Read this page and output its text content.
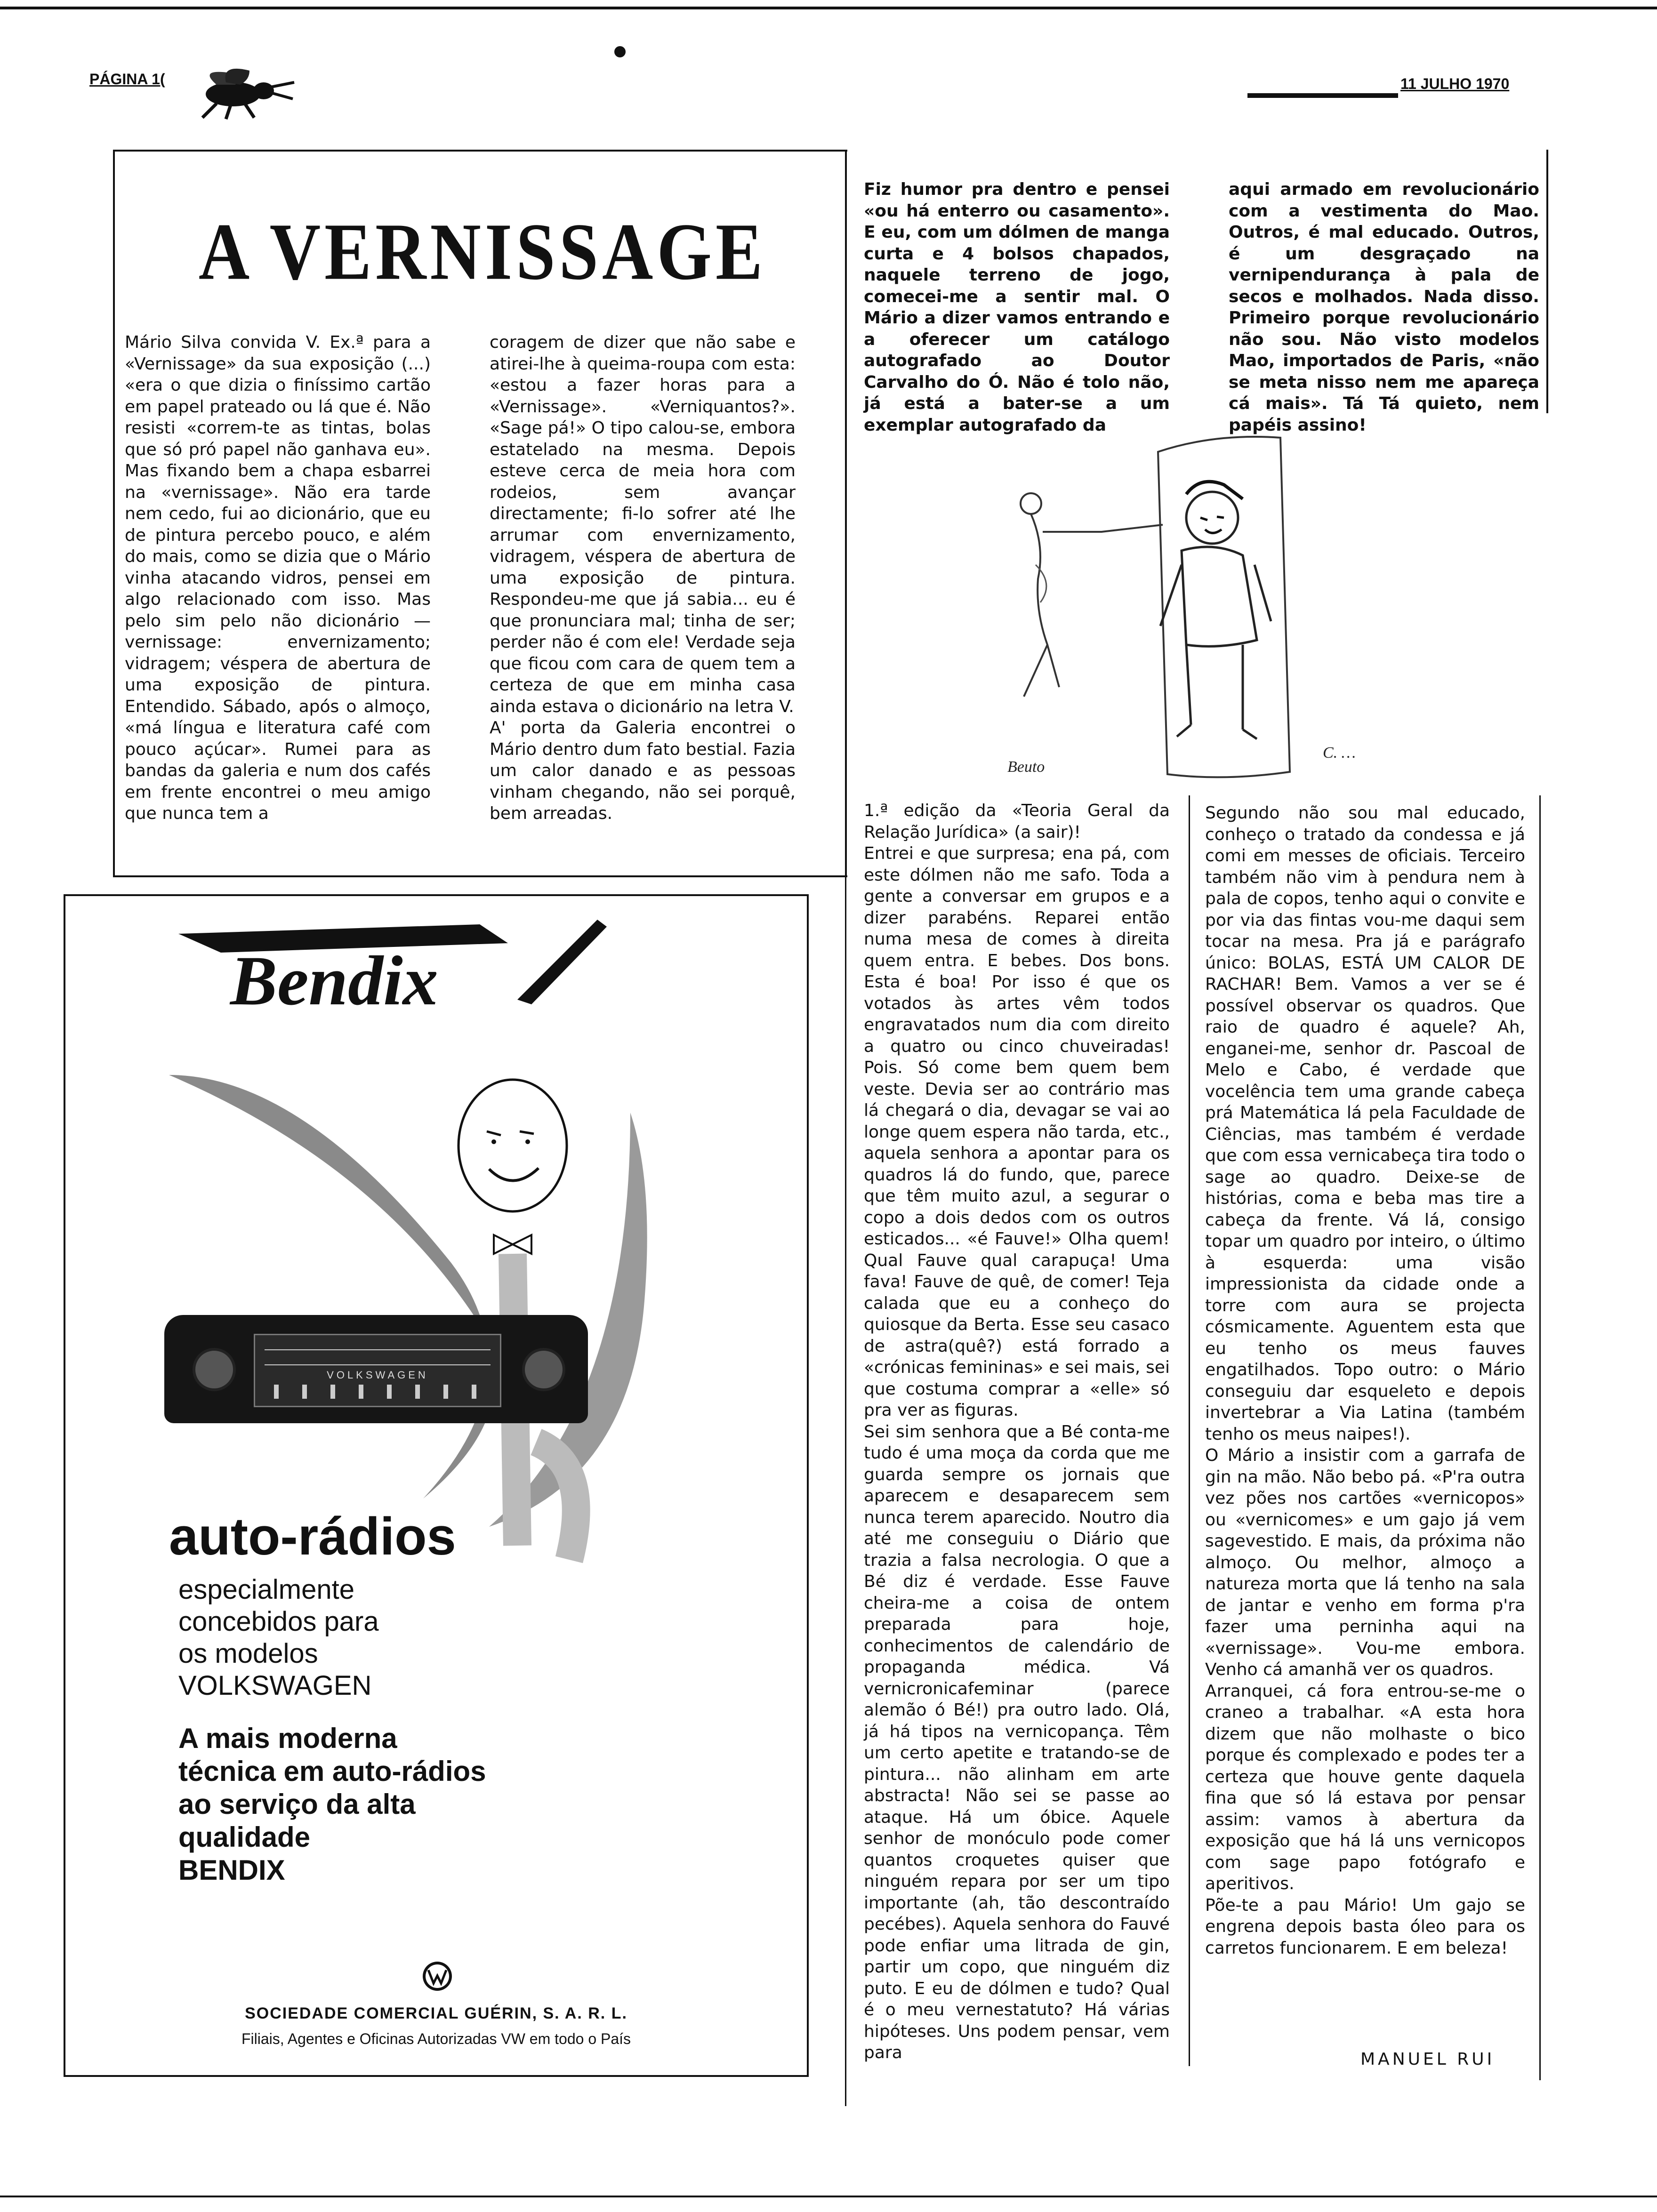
PÁGINA 1(	11 JULHO 1970
A VERNISSAGE
Mário Silva convida V. Ex.ª para a «Vernissage» da sua exposição (...) «era o que dizia o finíssimo cartão em papel prateado ou lá que é. Não resisti «correm-te as tintas, bolas que só pró papel não ganhava eu». Mas fixando bem a chapa esbarrei na «vernissage». Não era tarde nem cedo, fui ao dicionário, que eu de pintura percebo pouco, e além do mais, como se dizia que o Mário vinha atacando vidros, pensei em algo relacionado com isso. Mas pelo sim pelo não dicionário — vernissage: envernizamento; vidragem; véspera de abertura de uma exposição de pintura. Entendido. Sábado, após o almoço, «má língua e literatura café com pouco açúcar». Rumei para as bandas da galeria e num dos cafés em frente encontrei o meu amigo que nunca tem a
coragem de dizer que não sabe e atirei-lhe à queima-roupa com esta: «estou a fazer horas para a «Vernissage». «Verniquantos?». «Sage pá!» O tipo calou-se, embora estatelado na mesma. Depois esteve cerca de meia hora com rodeios, sem avançar directamente; fi-lo sofrer até lhe arrumar com envernizamento, vidragem, véspera de abertura de uma exposição de pintura. Respondeu-me que já sabia... eu é que pronunciara mal; tinha de ser; perder não é com ele! Verdade seja que ficou com cara de quem tem a certeza de que em minha casa ainda estava o dicionário na letra V.
A' porta da Galeria encontrei o Mário dentro dum fato bestial. Fazia um calor danado e as pessoas vinham chegando, não sei porquê, bem arreadas.
Fiz humor pra dentro e pensei «ou há enterro ou casamento». E eu, com um dólmen de manga curta e 4 bolsos chapados, naquele terreno de jogo, comecei-me a sentir mal. O Mário a dizer vamos entrando e a oferecer um catálogo autografado ao Doutor Carvalho do Ó. Não é tolo não, já está a bater-se a um exemplar autografado da
aqui armado em revolucionário com a vestimenta do Mao. Outros, é mal educado. Outros, é um desgraçado na vernipendurança à pala de secos e molhados. Nada disso. Primeiro porque revolucionário não sou. Não visto modelos Mao, importados de Paris, «não se meta nisso nem me apareça cá mais». Tá Tá quieto, nem papéis assino!
Beuto
C. …
1.ª edição da «Teoria Geral da Relação Jurídica» (a sair)!
Entrei e que surpresa; ena pá, com este dólmen não me safo. Toda a gente a conversar em grupos e a dizer parabéns. Reparei então numa mesa de comes à direita quem entra. E bebes. Dos bons. Esta é boa! Por isso é que os votados às artes vêm todos engravatados num dia com direito a quatro ou cinco chuveiradas! Pois. Só come bem quem bem veste. Devia ser ao contrário mas lá chegará o dia, devagar se vai ao longe quem espera não tarda, etc., aquela senhora a apontar para os quadros lá do fundo, que, parece que têm muito azul, a segurar o copo a dois dedos com os outros esticados... «é Fauve!» Olha quem! Qual Fauve qual carapuça! Uma fava! Fauve de quê, de comer! Teja calada que eu a conheço do quiosque da Berta. Esse seu casaco de astra(quê?) está forrado a «crónicas femininas» e sei mais, sei que costuma comprar a «elle» só pra ver as figuras.
Sei sim senhora que a Bé conta-me tudo é uma moça da corda que me guarda sempre os jornais que aparecem e desaparecem sem nunca terem aparecido. Noutro dia até me conseguiu o Diário que trazia a falsa necrologia. O que a Bé diz é verdade. Esse Fauve cheira-me a coisa de ontem preparada para hoje, conhecimentos de calendário de propaganda médica. Vá vernicronicafeminar (parece alemão ó Bé!) pra outro lado. Olá, já há tipos na vernicopança. Têm um certo apetite e tratando-se de pintura... não alinham em arte abstracta! Não sei se passe ao ataque. Há um óbice. Aquele senhor de monóculo pode comer quantos croquetes quiser que ninguém repara por ser um tipo importante (ah, tão descontraído pecébes). Aquela senhora do Fauvé pode enfiar uma litrada de gin, partir um copo, que ninguém diz puto. E eu de dólmen e tudo? Qual é o meu vernestatuto? Há várias hipóteses. Uns podem pensar, vem para
Segundo não sou mal educado, conheço o tratado da condessa e já comi em messes de oficiais. Terceiro também não vim à pendura nem à pala de copos, tenho aqui o convite e por via das fintas vou-me daqui sem tocar na mesa. Pra já e parágrafo único: BOLAS, ESTÁ UM CALOR DE RACHAR! Bem. Vamos a ver se é possível observar os quadros. Que raio de quadro é aquele? Ah, enganei-me, senhor dr. Pascoal de Melo e Cabo, é verdade que vocelência tem uma grande cabeça prá Matemática lá pela Faculdade de Ciências, mas também é verdade que com essa vernicabeça tira todo o sage ao quadro. Deixe-se de histórias, coma e beba mas tire a cabeça da frente. Vá lá, consigo topar um quadro por inteiro, o último à esquerda: uma visão impressionista da cidade onde a torre com aura se projecta cósmicamente. Aguentem esta que eu tenho os meus fauves engatilhados. Topo outro: o Mário conseguiu dar esqueleto e depois invertebrar a Via Latina (também tenho os meus naipes!).
O Mário a insistir com a garrafa de gin na mão. Não bebo pá. «P'ra outra vez pões nos cartões «vernicopos» ou «vernicomes» e um gajo já vem sagevestido. E mais, da próxima não almoço. Ou melhor, almoço a natureza morta que lá tenho na sala de jantar e venho em forma p'ra fazer uma perninha aqui na «vernissage». Vou-me embora. Venho cá amanhã ver os quadros.
Arranquei, cá fora entrou-se-me o craneo a trabalhar. «A esta hora dizem que não molhaste o bico porque és complexado e podes ter a certeza que houve gente daquela fina que só lá estava por pensar assim: vamos à abertura da exposição que há lá uns vernicopos com sage papo fotógrafo e aperitivos.
Põe-te a pau Mário! Um gajo se engrena depois basta óleo para os carretos funcionarem. E em beleza!
MANUEL RUI
Bendix
VOLKSWAGEN
auto-rádios
especialmente
concebidos para
os modelos
VOLKSWAGEN
A mais moderna
técnica em auto-rádios
ao serviço da alta
qualidade
BENDIX
SOCIEDADE COMERCIAL GUÉRIN, S. A. R. L.
Filiais, Agentes e Oficinas Autorizadas VW em todo o País
